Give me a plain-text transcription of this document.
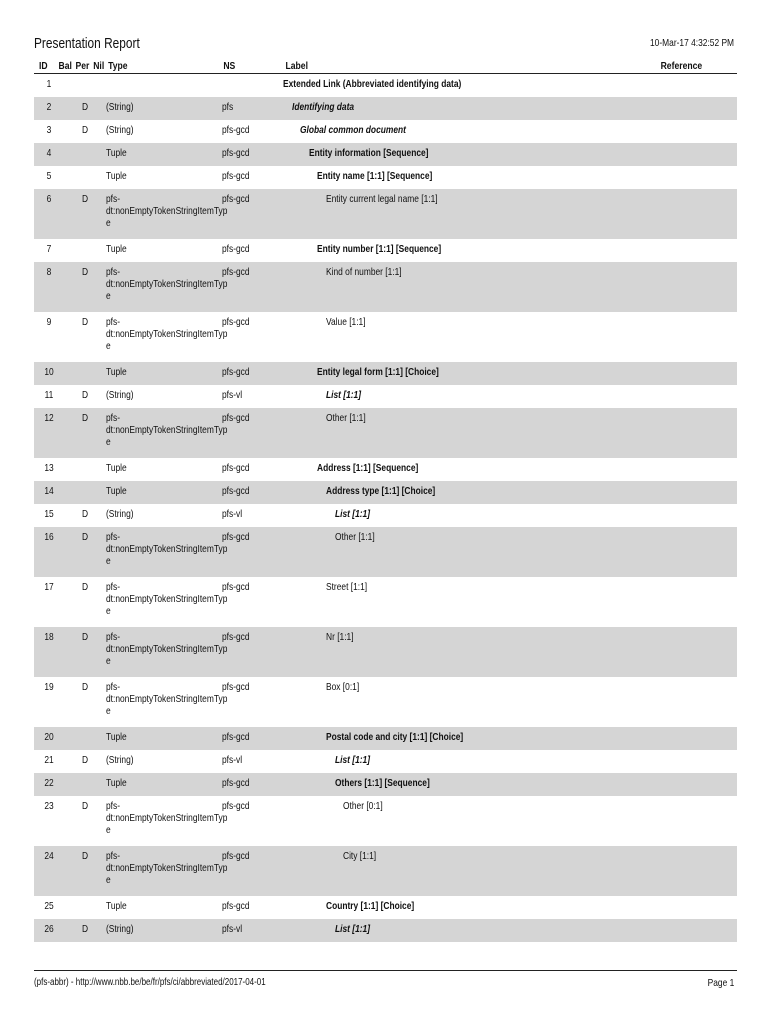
Presentation Report	10-Mar-17 4:32:52 PM
ID Bal Per Nil Type	NS	Label	Reference
1	Extended Link (Abbreviated identifying data)
2	D (String)	pfs	Identifying data
3	D (String)	pfs-gcd	Global common document
4	Tuple	pfs-gcd	Entity information [Sequence]
5	Tuple	pfs-gcd	Entity name [1:1] [Sequence]
6	D pfs-
dt:nonEmptyTokenStringItemTyp
e
pfs-gcd	Entity current legal name [1:1]
7	Tuple	pfs-gcd	Entity number [1:1] [Sequence]
8	D pfs-
dt:nonEmptyTokenStringItemTyp
e
pfs-gcd	Kind of number [1:1]
9	D pfs-
dt:nonEmptyTokenStringItemTyp
e
pfs-gcd	Value [1:1]
10	Tuple	pfs-gcd	Entity legal form [1:1] [Choice]
11	D (String)	pfs-vl	List [1:1]
12	D pfs-
dt:nonEmptyTokenStringItemTyp
e
pfs-gcd	Other [1:1]
13	Tuple	pfs-gcd	Address [1:1] [Sequence]
14	Tuple	pfs-gcd	Address type [1:1] [Choice]
15	D (String)	pfs-vl	List [1:1]
16	D pfs-
dt:nonEmptyTokenStringItemTyp
e
pfs-gcd	Other [1:1]
17	D pfs-
dt:nonEmptyTokenStringItemTyp
e
pfs-gcd	Street [1:1]
18	D pfs-
dt:nonEmptyTokenStringItemTyp
e
pfs-gcd	Nr [1:1]
19	D pfs-
dt:nonEmptyTokenStringItemTyp
e
pfs-gcd	Box [0:1]
20	Tuple	pfs-gcd	Postal code and city [1:1] [Choice]
21	D (String)	pfs-vl	List [1:1]
22	Tuple	pfs-gcd	Others [1:1] [Sequence]
23	D pfs-
dt:nonEmptyTokenStringItemTyp
e
pfs-gcd	Other [0:1]
24	D pfs-
dt:nonEmptyTokenStringItemTyp
e
pfs-gcd	City [1:1]
25	Tuple	pfs-gcd	Country [1:1] [Choice]
26	D (String)	pfs-vl	List [1:1]
(pfs-abbr) - http://www.nbb.be/be/fr/pfs/ci/abbreviated/2017-04-01	Page 1
